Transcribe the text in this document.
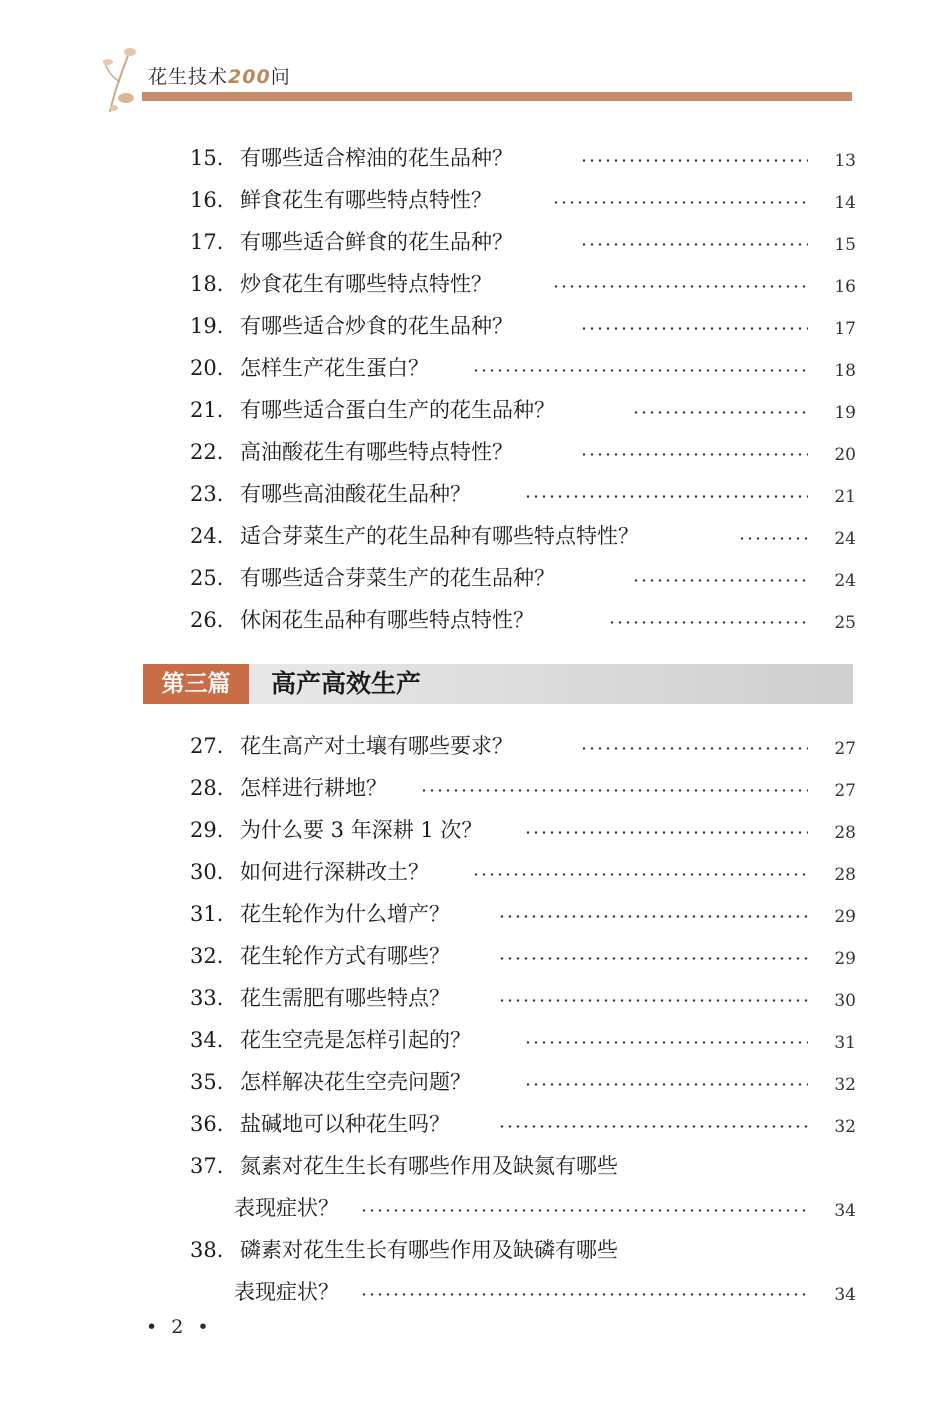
花生技术200问
15. 有哪些适合榨油的花生品种？	13
16. 鲜食花生有哪些特点特性？	14
17. 有哪些适合鲜食的花生品种？	15
18. 炒食花生有哪些特点特性？	16
19. 有哪些适合炒食的花生品种？	17
20. 怎样生产花生蛋白？	18
21. 有哪些适合蛋白生产的花生品种？	19
22. 高油酸花生有哪些特点特性？	20
23. 有哪些高油酸花生品种？	21
24. 适合芽菜生产的花生品种有哪些特点特性？	24
25. 有哪些适合芽菜生产的花生品种？	24
26. 休闲花生品种有哪些特点特性？	25
第三篇	高产高效生产
27. 花生高产对土壤有哪些要求？	27
28. 怎样进行耕地？	27
29. 为什么要 3 年深耕 1 次？	28
30. 如何进行深耕改土？	28
31. 花生轮作为什么增产？	29
32. 花生轮作方式有哪些？	29
33. 花生需肥有哪些特点？	30
34. 花生空壳是怎样引起的？	31
35. 怎样解决花生空壳问题？	32
36. 盐碱地可以种花生吗？	32
37. 氮素对花生生长有哪些作用及缺氮有哪些
表现症状？	34
38. 磷素对花生生长有哪些作用及缺磷有哪些
表现症状？	34
• 2 •
